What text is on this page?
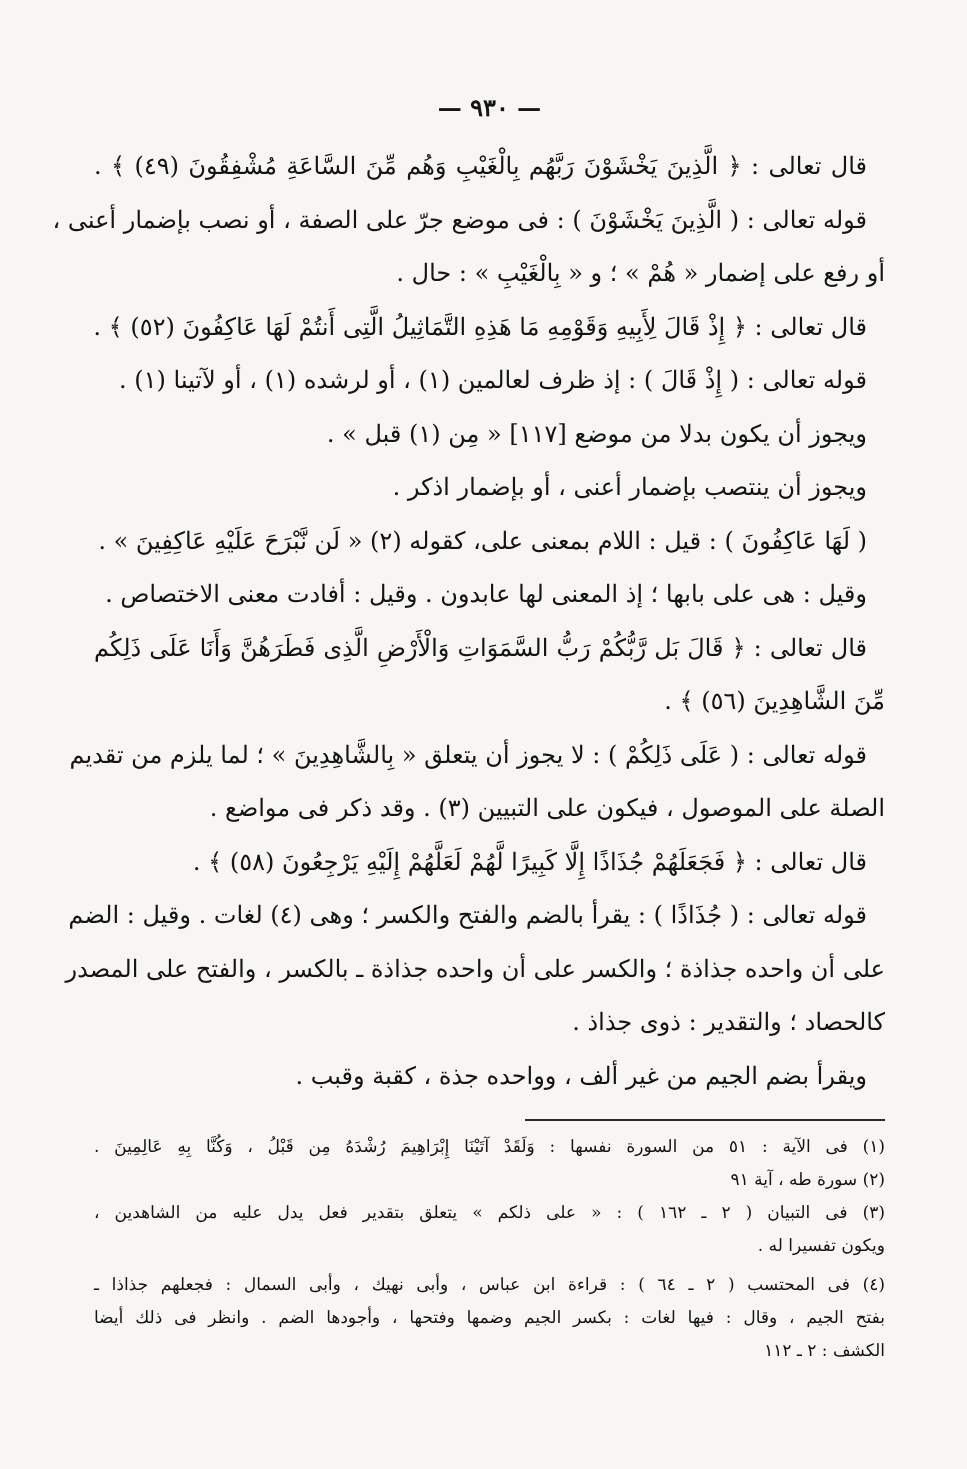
— ٩٣٠ —
قال تعالى : ﴿ الَّذِينَ يَخْشَوْنَ رَبَّهُم بِالْغَيْبِ وَهُم مِّنَ السَّاعَةِ مُشْفِقُونَ (٤٩) ﴾ .
قوله تعالى : ( الَّذِينَ يَخْشَوْنَ ) : فى موضع جرّ على الصفة ، أو نصب بإضمار أعنى ،
أو رفع على إضمار « هُمْ » ؛ و « بِالْغَيْبِ » : حال .
قال تعالى : ﴿ إِذْ قَالَ لِأَبِيهِ وَقَوْمِهِ مَا هَذِهِ التَّمَاثِيلُ الَّتِى أَنتُمْ لَهَا عَاكِفُونَ (٥٢) ﴾ .
قوله تعالى : ( إِذْ قَالَ ) : إذ ظرف لعالمين (١) ، أو لرشده (١) ، أو لآتينا (١) .
ويجوز أن يكون بدلا من موضع [١١٧] « مِن (١) قبل » .
ويجوز أن ينتصب بإضمار أعنى ، أو بإضمار اذكر .
( لَهَا عَاكِفُونَ ) : قيل : اللام بمعنى على، كقوله (٢) « لَن نَّبْرَحَ عَلَيْهِ عَاكِفِينَ » .
وقيل : هى على بابها ؛ إذ المعنى لها عابدون . وقيل : أفادت معنى الاختصاص .
قال تعالى : ﴿ قَالَ بَل رَّبُّكُمْ رَبُّ السَّمَوَاتِ وَالْأَرْضِ الَّذِى فَطَرَهُنَّ وَأَنَا عَلَى ذَلِكُم
مِّنَ الشَّاهِدِينَ (٥٦) ﴾ .
قوله تعالى : ( عَلَى ذَلِكُمْ ) : لا يجوز أن يتعلق « بِالشَّاهِدِينَ » ؛ لما يلزم من تقديم
الصلة على الموصول ، فيكون على التبيين (٣) . وقد ذكر فى مواضع .
قال تعالى : ﴿ فَجَعَلَهُمْ جُذَاذًا إِلَّا كَبِيرًا لَّهُمْ لَعَلَّهُمْ إِلَيْهِ يَرْجِعُونَ (٥٨) ﴾ .
قوله تعالى : ( جُذَاذًا ) : يقرأ بالضم والفتح والكسر ؛ وهى (٤) لغات . وقيل : الضم
على أن واحده جذاذة ؛ والكسر على أن واحده جذاذة ـ بالكسر ، والفتح على المصدر
كالحصاد ؛ والتقدير : ذوى جذاذ .
ويقرأ بضم الجيم من غير ألف ، وواحده جذة ، كقبة وقبب .
(١) فى الآية : ٥١ من السورة نفسها : وَلَقَدْ آتَيْنَا إِبْرَاهِيمَ رُشْدَهُ مِن قَبْلُ ، وَكُنَّا بِهِ عَالِمِينَ .
(٢) سورة طه ، آية ٩١
(٣) فى التبيان ( ٢ ـ ١٦٢ ) : « على ذلكم » يتعلق بتقدير فعل يدل عليه من الشاهدين ،
ويكون تفسيرا له .
(٤) فى المحتسب ( ٢ ـ ٦٤ ) : قراءة ابن عباس ، وأبى نهيك ، وأبى السمال : فجعلهم جذاذا ـ
بفتح الجيم ، وقال : فيها لغات : بكسر الجيم وضمها وفتحها ، وأجودها الضم . وانظر فى ذلك أيضا
الكشف : ٢ ـ ١١٢
